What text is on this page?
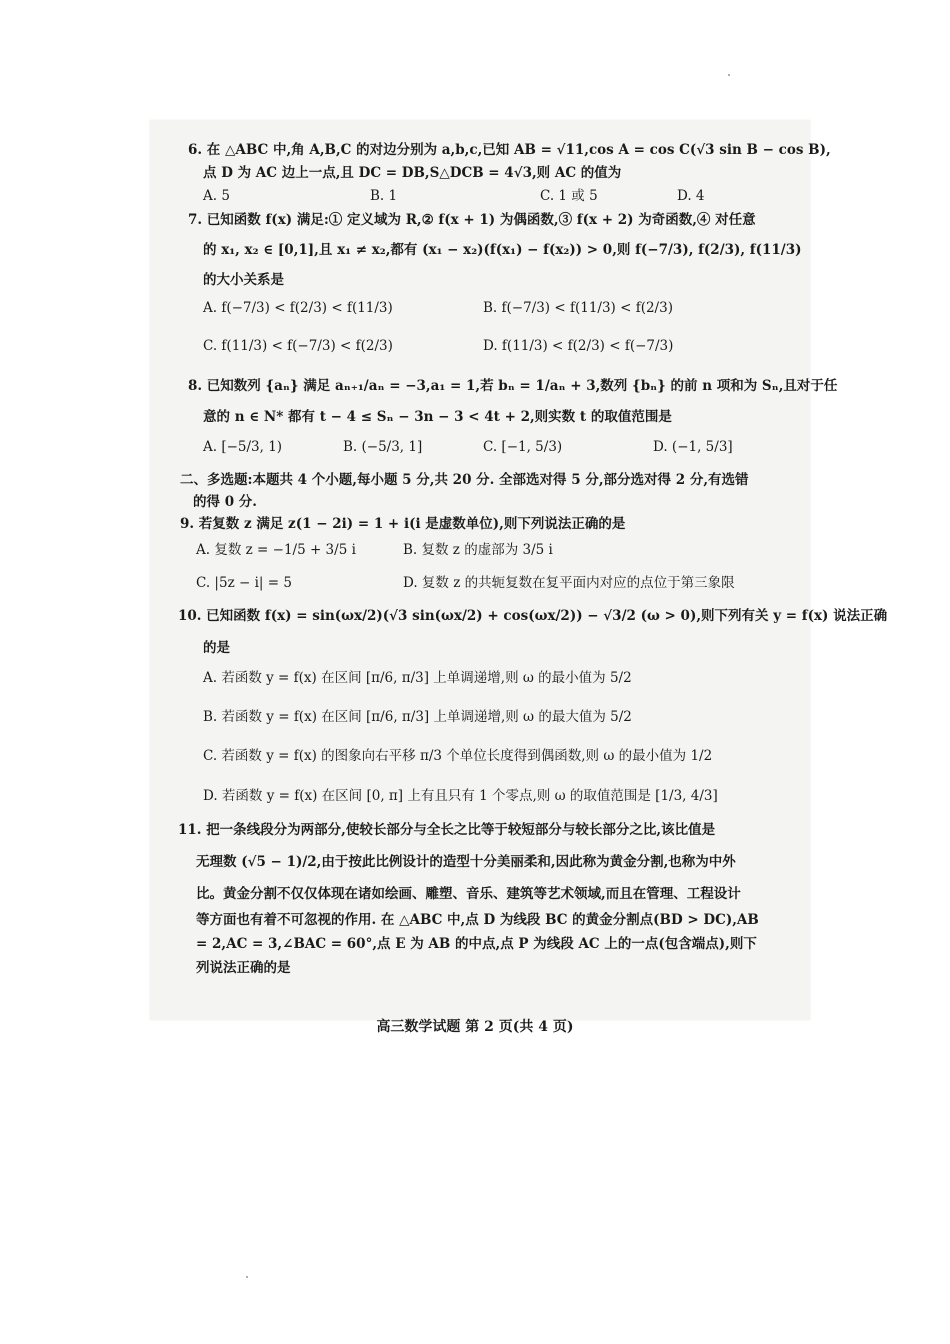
6. 在 △ABC 中,角 A,B,C 的对边分别为 a,b,c,已知 AB = √11,cos A = cos C(√3 sin B − cos B),
点 D 为 AC 边上一点,且 DC = DB,S△DCB = 4√3,则 AC 的值为
A. 5	B. 1	C. 1 或 5	D. 4
7. 已知函数 f(x) 满足:① 定义域为 R,② f(x + 1) 为偶函数,③ f(x + 2) 为奇函数,④ 对任意
的 x₁, x₂ ∈ [0,1],且 x₁ ≠ x₂,都有 (x₁ − x₂)(f(x₁) − f(x₂)) > 0,则 f(−7/3), f(2/3), f(11/3)
的大小关系是
A. f(−7/3) < f(2/3) < f(11/3)	B. f(−7/3) < f(11/3) < f(2/3)
C. f(11/3) < f(−7/3) < f(2/3)	D. f(11/3) < f(2/3) < f(−7/3)
8. 已知数列 {aₙ} 满足 aₙ₊₁/aₙ = −3,a₁ = 1,若 bₙ = 1/aₙ + 3,数列 {bₙ} 的前 n 项和为 Sₙ,且对于任
意的 n ∈ N* 都有 t − 4 ≤ Sₙ − 3n − 3 < 4t + 2,则实数 t 的取值范围是
A. [−5/3, 1)	B. (−5/3, 1]	C. [−1, 5/3)	D. (−1, 5/3]
二、多选题:本题共 4 个小题,每小题 5 分,共 20 分. 全部选对得 5 分,部分选对得 2 分,有选错
的得 0 分.
9. 若复数 z 满足 z(1 − 2i) = 1 + i(i 是虚数单位),则下列说法正确的是
A. 复数 z = −1/5 + 3/5 i	B. 复数 z 的虚部为 3/5 i
C. |5z − i| = 5	D. 复数 z 的共轭复数在复平面内对应的点位于第三象限
10. 已知函数 f(x) = sin(ωx/2)(√3 sin(ωx/2) + cos(ωx/2)) − √3/2 (ω > 0),则下列有关 y = f(x) 说法正确
的是
A. 若函数 y = f(x) 在区间 [π/6, π/3] 上单调递增,则 ω 的最小值为 5/2
B. 若函数 y = f(x) 在区间 [π/6, π/3] 上单调递增,则 ω 的最大值为 5/2
C. 若函数 y = f(x) 的图象向右平移 π/3 个单位长度得到偶函数,则 ω 的最小值为 1/2
D. 若函数 y = f(x) 在区间 [0, π] 上有且只有 1 个零点,则 ω 的取值范围是 [1/3, 4/3]
11. 把一条线段分为两部分,使较长部分与全长之比等于较短部分与较长部分之比,该比值是
无理数 (√5 − 1)/2,由于按此比例设计的造型十分美丽柔和,因此称为黄金分割,也称为中外
比。黄金分割不仅仅体现在诸如绘画、雕塑、音乐、建筑等艺术领域,而且在管理、工程设计
等方面也有着不可忽视的作用. 在 △ABC 中,点 D 为线段 BC 的黄金分割点(BD > DC),AB
= 2,AC = 3,∠BAC = 60°,点 E 为 AB 的中点,点 P 为线段 AC 上的一点(包含端点),则下
列说法正确的是
高三数学试题 第 2 页(共 4 页)
